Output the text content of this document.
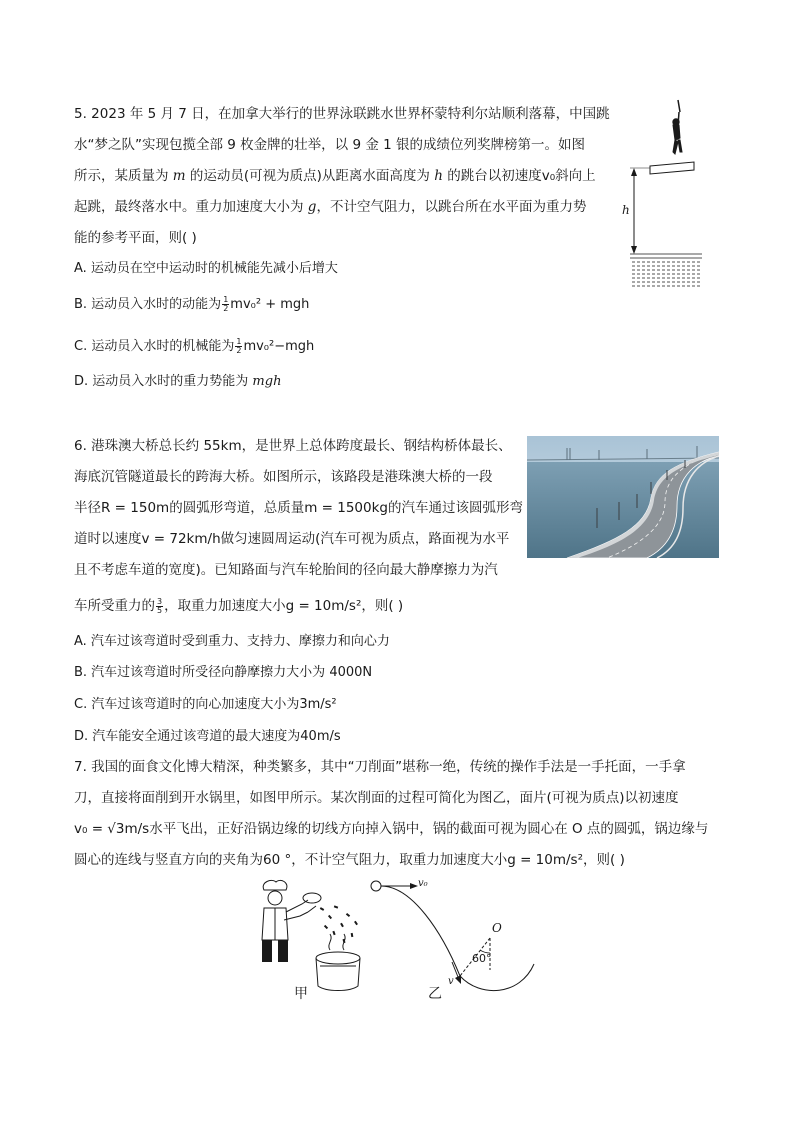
5. 2023 年 5 月 7 日，在加拿大举行的世界泳联跳水世界杯蒙特利尔站顺利落幕，中国跳
水“梦之队”实现包揽全部 9 枚金牌的壮举，以 9 金 1 银的成绩位列奖牌榜第一。如图
所示，某质量为 m 的运动员(可视为质点)从距离水面高度为 h 的跳台以初速度v₀斜向上
起跳，最终落水中。重力加速度大小为 g，不计空气阻力，以跳台所在水平面为重力势
能的参考平面，则( )
A. 运动员在空中运动时的机械能先减小后增大
B. 运动员入水时的动能为 $\frac{1}{2} mv_0^2$ + mgh
C. 运动员入水时的机械能为 $\frac{1}{2} mv_0^2-mgh$
D. 运动员入水时的重力势能为 mgh
h
6. 港珠澳大桥总长约 55km，是世界上总体跨度最长、钢结构桥体最长、
海底沉管隧道最长的跨海大桥。如图所示，该路段是港珠澳大桥的一段
半径R = 150m的圆弧形弯道，总质量m = 1500kg的汽车通过该圆弧形弯
道时以速度v = 72km/h做匀速圆周运动(汽车可视为质点，路面视为水平
且不考虑车道的宽度)。已知路面与汽车轮胎间的径向最大静摩擦力为汽
车所受重力的 $\frac{3}{5}$ ，取重力加速度大小g = 10m/s²，则( )
A. 汽车过该弯道时受到重力、支持力、摩擦力和向心力
B. 汽车过该弯道时所受径向静摩擦力大小为 4000N
C. 汽车过该弯道时的向心加速度大小为3m/s²
D. 汽车能安全通过该弯道的最大速度为40m/s
7. 我国的面食文化博大精深，种类繁多，其中“刀削面”堪称一绝，传统的操作手法是一手托面，一手拿
刀，直接将面削到开水锅里，如图甲所示。某次削面的过程可简化为图乙，面片(可视为质点)以初速度
v₀ = √3m/s水平飞出，正好沿锅边缘的切线方向掉入锅中，锅的截面可视为圆心在 O 点的圆弧，锅边缘与
圆心的连线与竖直方向的夹角为60 °，不计空气阻力，取重力加速度大小g = 10m/s²，则( )
甲
v₀
O
60°
v
乙
